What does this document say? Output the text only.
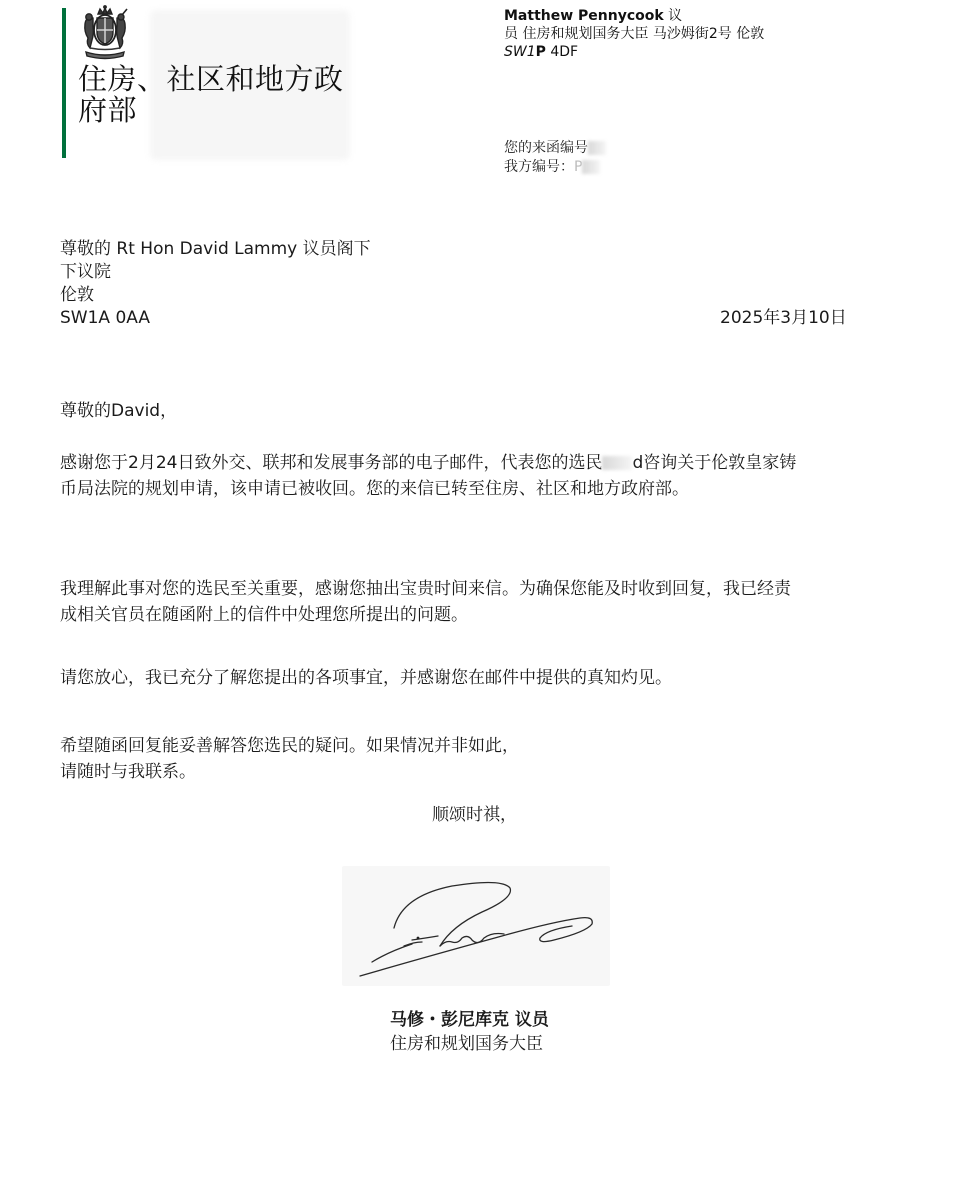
住房、社区和地方政府部
Matthew Pennycook 议
员 住房和规划国务大臣 马沙姆街2号 伦敦
SW1P 4DF
您的来函编号
我方编号：P
尊敬的 Rt Hon David Lammy 议员阁下
下议院
伦敦
SW1A 0AA	2025年3月10日
尊敬的David，
感谢您于2月24日致外交、联邦和发展事务部的电子邮件，代表您的选民 d咨询关于伦敦皇家铸
币局法院的规划申请，该申请已被收回。您的来信已转至住房、社区和地方政府部。
我理解此事对您的选民至关重要，感谢您抽出宝贵时间来信。为确保您能及时收到回复，我已经责
成相关官员在随函附上的信件中处理您所提出的问题。
请您放心，我已充分了解您提出的各项事宜，并感谢您在邮件中提供的真知灼见。
希望随函回复能妥善解答您选民的疑问。如果情况并非如此，
请随时与我联系。
顺颂时祺，
马修・彭尼库克 议员
住房和规划国务大臣
